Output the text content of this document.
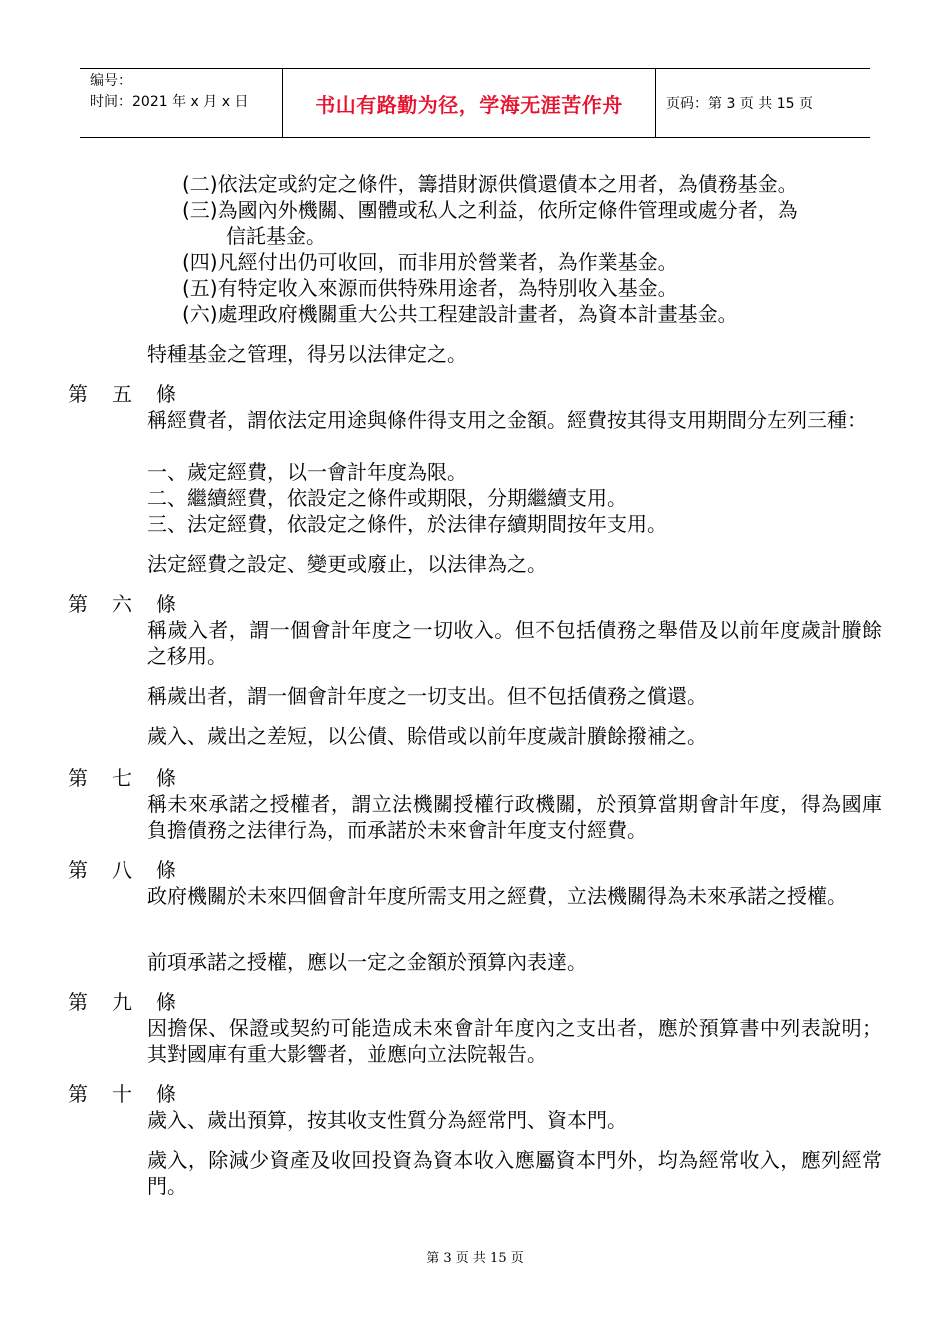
编号：
时间：2021 年 x 月 x 日	书山有路勤为径，学海无涯苦作舟	页码：第 3 页 共 15 页
(二)依法定或約定之條件，籌措財源供償還債本之用者，為債務基金。
(三)為國內外機關、團體或私人之利益，依所定條件管理或處分者，為
信託基金。
(四)凡經付出仍可收回，而非用於營業者，為作業基金。
(五)有特定收入來源而供特殊用途者，為特別收入基金。
(六)處理政府機關重大公共工程建設計畫者，為資本計畫基金。
特種基金之管理，得另以法律定之。
第 五 條
稱經費者，謂依法定用途與條件得支用之金額。經費按其得支用期間分左列三種：
一、歲定經費，以一會計年度為限。
二、繼續經費，依設定之條件或期限，分期繼續支用。
三、法定經費，依設定之條件，於法律存續期間按年支用。
法定經費之設定、變更或廢止，以法律為之。
第 六 條
稱歲入者，謂一個會計年度之一切收入。但不包括債務之舉借及以前年度歲計賸餘之移用。
稱歲出者，謂一個會計年度之一切支出。但不包括債務之償還。
歲入、歲出之差短，以公債、賒借或以前年度歲計賸餘撥補之。
第 七 條
稱未來承諾之授權者，謂立法機關授權行政機關，於預算當期會計年度，得為國庫負擔債務之法律行為，而承諾於未來會計年度支付經費。
第 八 條
政府機關於未來四個會計年度所需支用之經費，立法機關得為未來承諾之授權。
前項承諾之授權，應以一定之金額於預算內表達。
第 九 條
因擔保、保證或契約可能造成未來會計年度內之支出者，應於預算書中列表說明；其對國庫有重大影響者，並應向立法院報告。
第 十 條
歲入、歲出預算，按其收支性質分為經常門、資本門。
歲入，除減少資產及收回投資為資本收入應屬資本門外，均為經常收入，應列經常門。
第 3 页 共 15 页
